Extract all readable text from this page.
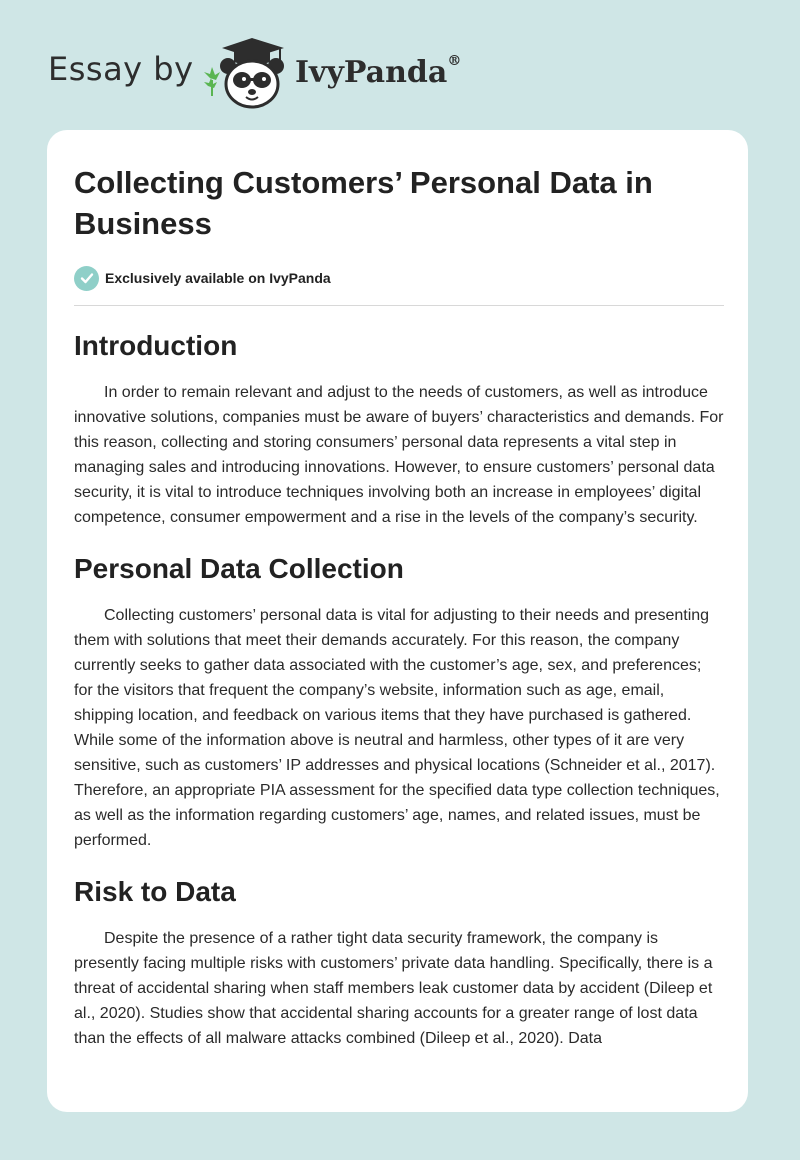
Essay by	IvyPanda®
Collecting Customers’ Personal Data in Business
Exclusively available on IvyPanda
Introduction

In order to remain relevant and adjust to the needs of customers, as well as introduce innovative solutions, companies must be aware of buyers’ characteristics and demands. For this reason, collecting and storing consumers’ personal data represents a vital step in managing sales and introducing innovations. However, to ensure customers’ personal data security, it is vital to introduce techniques involving both an increase in employees’ digital competence, consumer empowerment and a rise in the levels of the company’s security.

Personal Data Collection

Collecting customers’ personal data is vital for adjusting to their needs and presenting them with solutions that meet their demands accurately. For this reason, the company currently seeks to gather data associated with the customer’s age, sex, and preferences; for the visitors that frequent the company’s website, information such as age, email, shipping location, and feedback on various items that they have purchased is gathered. While some of the information above is neutral and harmless, other types of it are very sensitive, such as customers’ IP addresses and physical locations (Schneider et al., 2017). Therefore, an appropriate PIA assessment for the specified data type collection techniques, as well as the information regarding customers’ age, names, and related issues, must be performed.

Risk to Data

Despite the presence of a rather tight data security framework, the company is presently facing multiple risks with customers’ private data handling. Specifically, there is a threat of accidental sharing when staff members leak customer data by accident (Dileep et al., 2020). Studies show that accidental sharing accounts for a greater range of lost data than the effects of all malware attacks combined (Dileep et al., 2020). Data
